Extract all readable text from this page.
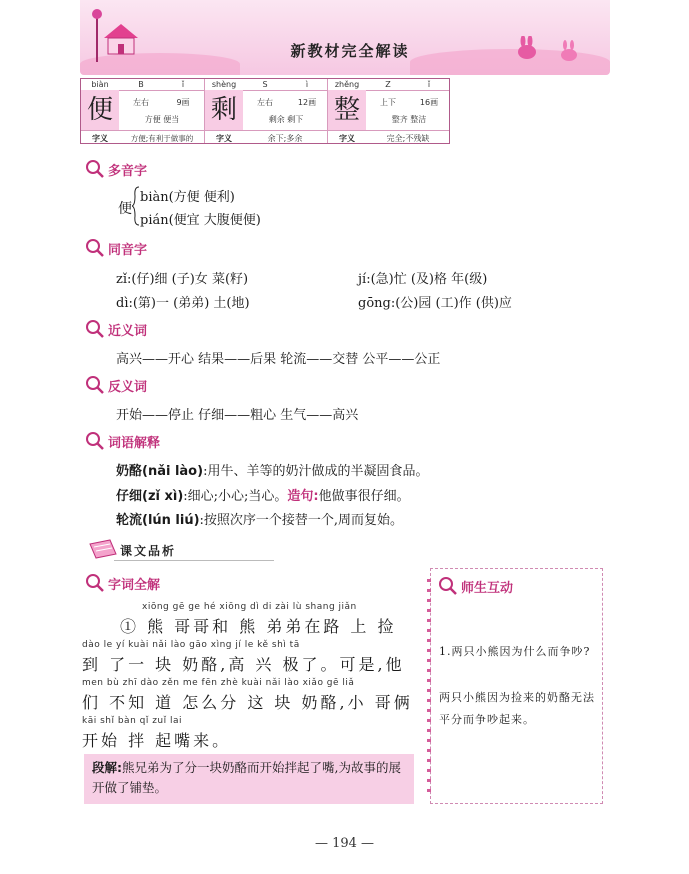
新教材完全解读
biàn	B	ǐ
便	左右	9画
方便 便当
字义	方便;有利于做事的
shèng	S	ì
剩	左右	12画
剩余 剩下
字义	余下;多余
zhěng	Z	ǐ
整	上下	16画
整齐 整洁
字义	完全;不残缺
多音字
便
biàn(方便 便利)
pián(便宜 大腹便便)
同音字
zǐ:(仔)细 (子)女 菜(籽)	jí:(急)忙 (及)格 年(级)
dì:(第)一 (弟弟) 土(地)	gōng:(公)园 (工)作 (供)应
近义词
高兴——开心 结果——后果 轮流——交替 公平——公正
反义词
开始——停止 仔细——粗心 生气——高兴
词语解释
奶酪(nǎi lào):用牛、羊等的奶汁做成的半凝固食品。
仔细(zǐ xì):细心;小心;当心。造句:他做事很仔细。
轮流(lún liú):按照次序一个接替一个,周而复始。
课文品析
字词全解
xiōng gē ge hé xiōng dì di zài lù shang jiǎn
① 熊 哥哥和 熊 弟弟在路 上 捡
dào le yí kuài nǎi lào gāo xìng jí le kě shì tā
到 了一 块 奶酪,高 兴 极了。可是,他
men bù zhī dào zěn me fēn zhè kuài nǎi lào xiǎo gē liǎ
们 不知 道 怎么分 这 块 奶酪,小 哥俩
kāi shǐ bàn qǐ zuǐ lai
开始 拌 起嘴来。
段解:熊兄弟为了分一块奶酪而开始拌起了嘴,为故事的展开做了铺垫。
师生互动
1.两只小熊因为什么而争吵?
两只小熊因为捡来的奶酪无法平分而争吵起来。
— 194 —
